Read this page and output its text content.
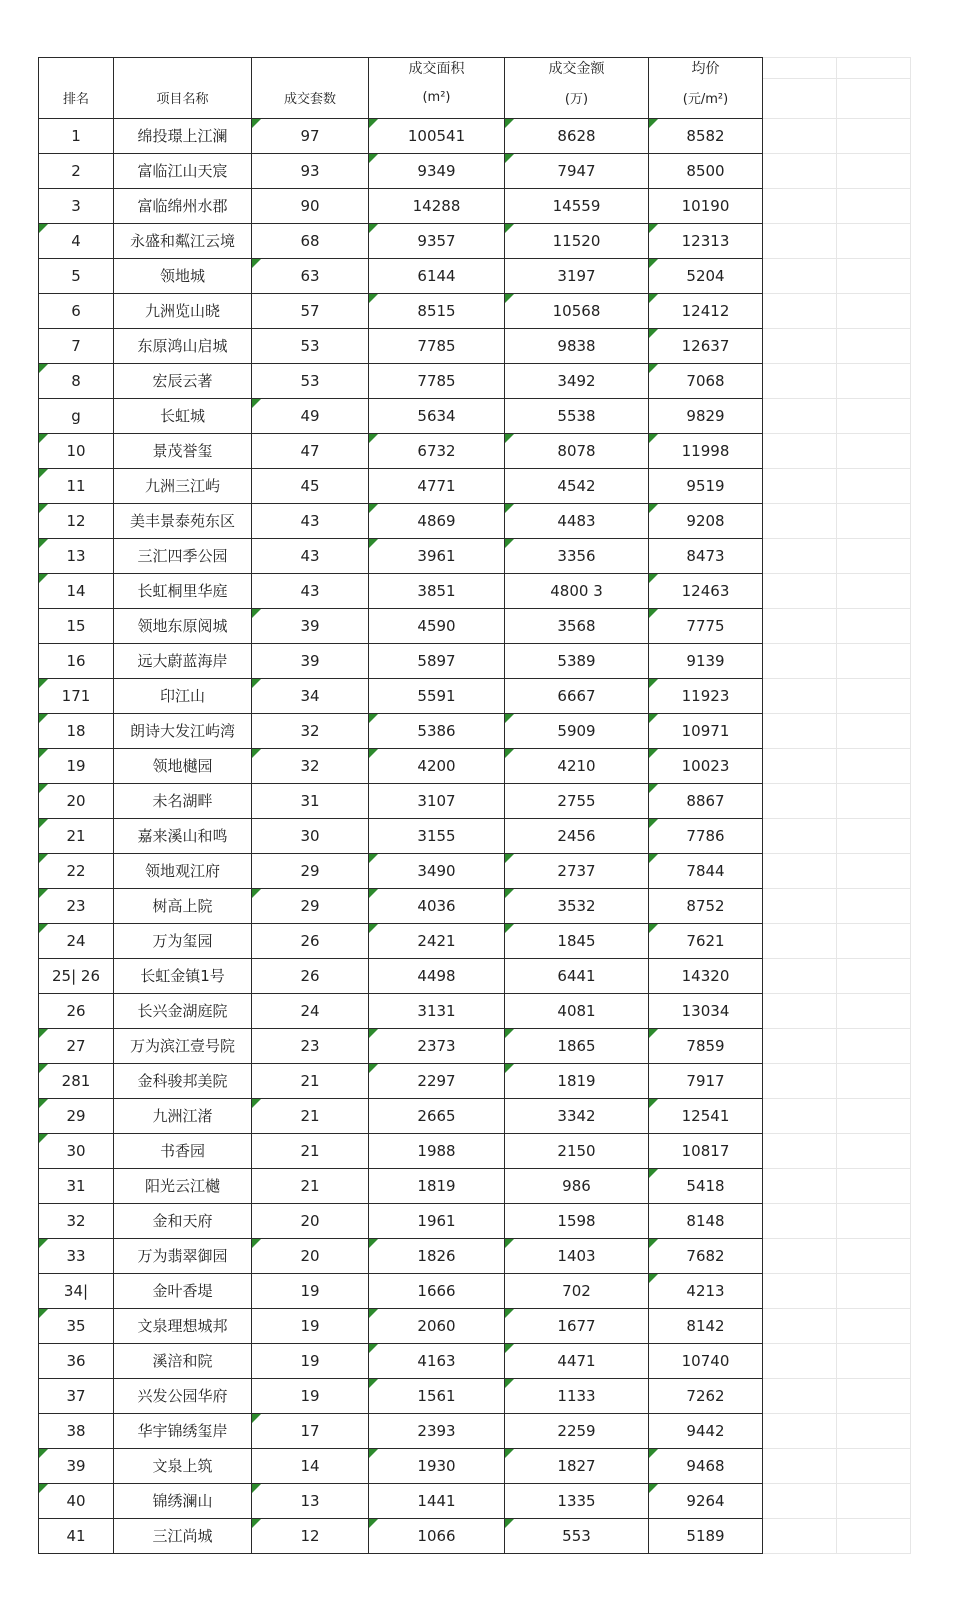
			成交面积	成交金额	均价		
排名	项目名称	成交套数	(m²)	(万)	(元/m²)		
1	绵投璟上江澜	97	100541	8628	8582		
2	富临江山天宸	93	9349	7947	8500		
3	富临绵州水郡	90	14288	14559	10190		
4	永盛和粼江云境	68	9357	11520	12313		
5	领地城	63	6144	3197	5204		
6	九洲览山晓	57	8515	10568	12412		
7	东原鸿山启城	53	7785	9838	12637		
8	宏辰云著	53	7785	3492	7068		
g	长虹城	49	5634	5538	9829		
10	景茂誉玺	47	6732	8078	11998		
11	九洲三江屿	45	4771	4542	9519		
12	美丰景泰苑东区	43	4869	4483	9208		
13	三汇四季公园	43	3961	3356	8473		
14	长虹桐里华庭	43	3851	4800 3	12463		
15	领地东原阅城	39	4590	3568	7775		
16	远大蔚蓝海岸	39	5897	5389	9139		
171	印江山	34	5591	6667	11923		
18	朗诗大发江屿湾	32	5386	5909	10971		
19	领地樾园	32	4200	4210	10023		
20	未名湖畔	31	3107	2755	8867		
21	嘉来溪山和鸣	30	3155	2456	7786		
22	领地观江府	29	3490	2737	7844		
23	树高上院	29	4036	3532	8752		
24	万为玺园	26	2421	1845	7621		
25| 26	长虹金镇1号	26	4498	6441	14320		
26	长兴金湖庭院	24	3131	4081	13034		
27	万为滨江壹号院	23	2373	1865	7859		
281	金科骏邦美院	21	2297	1819	7917		
29	九洲江渚	21	2665	3342	12541		
30	书香园	21	1988	2150	10817		
31	阳光云江樾	21	1819	986	5418		
32	金和天府	20	1961	1598	8148		
33	万为翡翠御园	20	1826	1403	7682		
34|	金叶香堤	19	1666	702	4213		
35	文泉理想城邦	19	2060	1677	8142		
36	溪涪和院	19	4163	4471	10740		
37	兴发公园华府	19	1561	1133	7262		
38	华宇锦绣玺岸	17	2393	2259	9442		
39	文泉上筑	14	1930	1827	9468		
40	锦绣澜山	13	1441	1335	9264		
41	三江尚城	12	1066	553	5189		
